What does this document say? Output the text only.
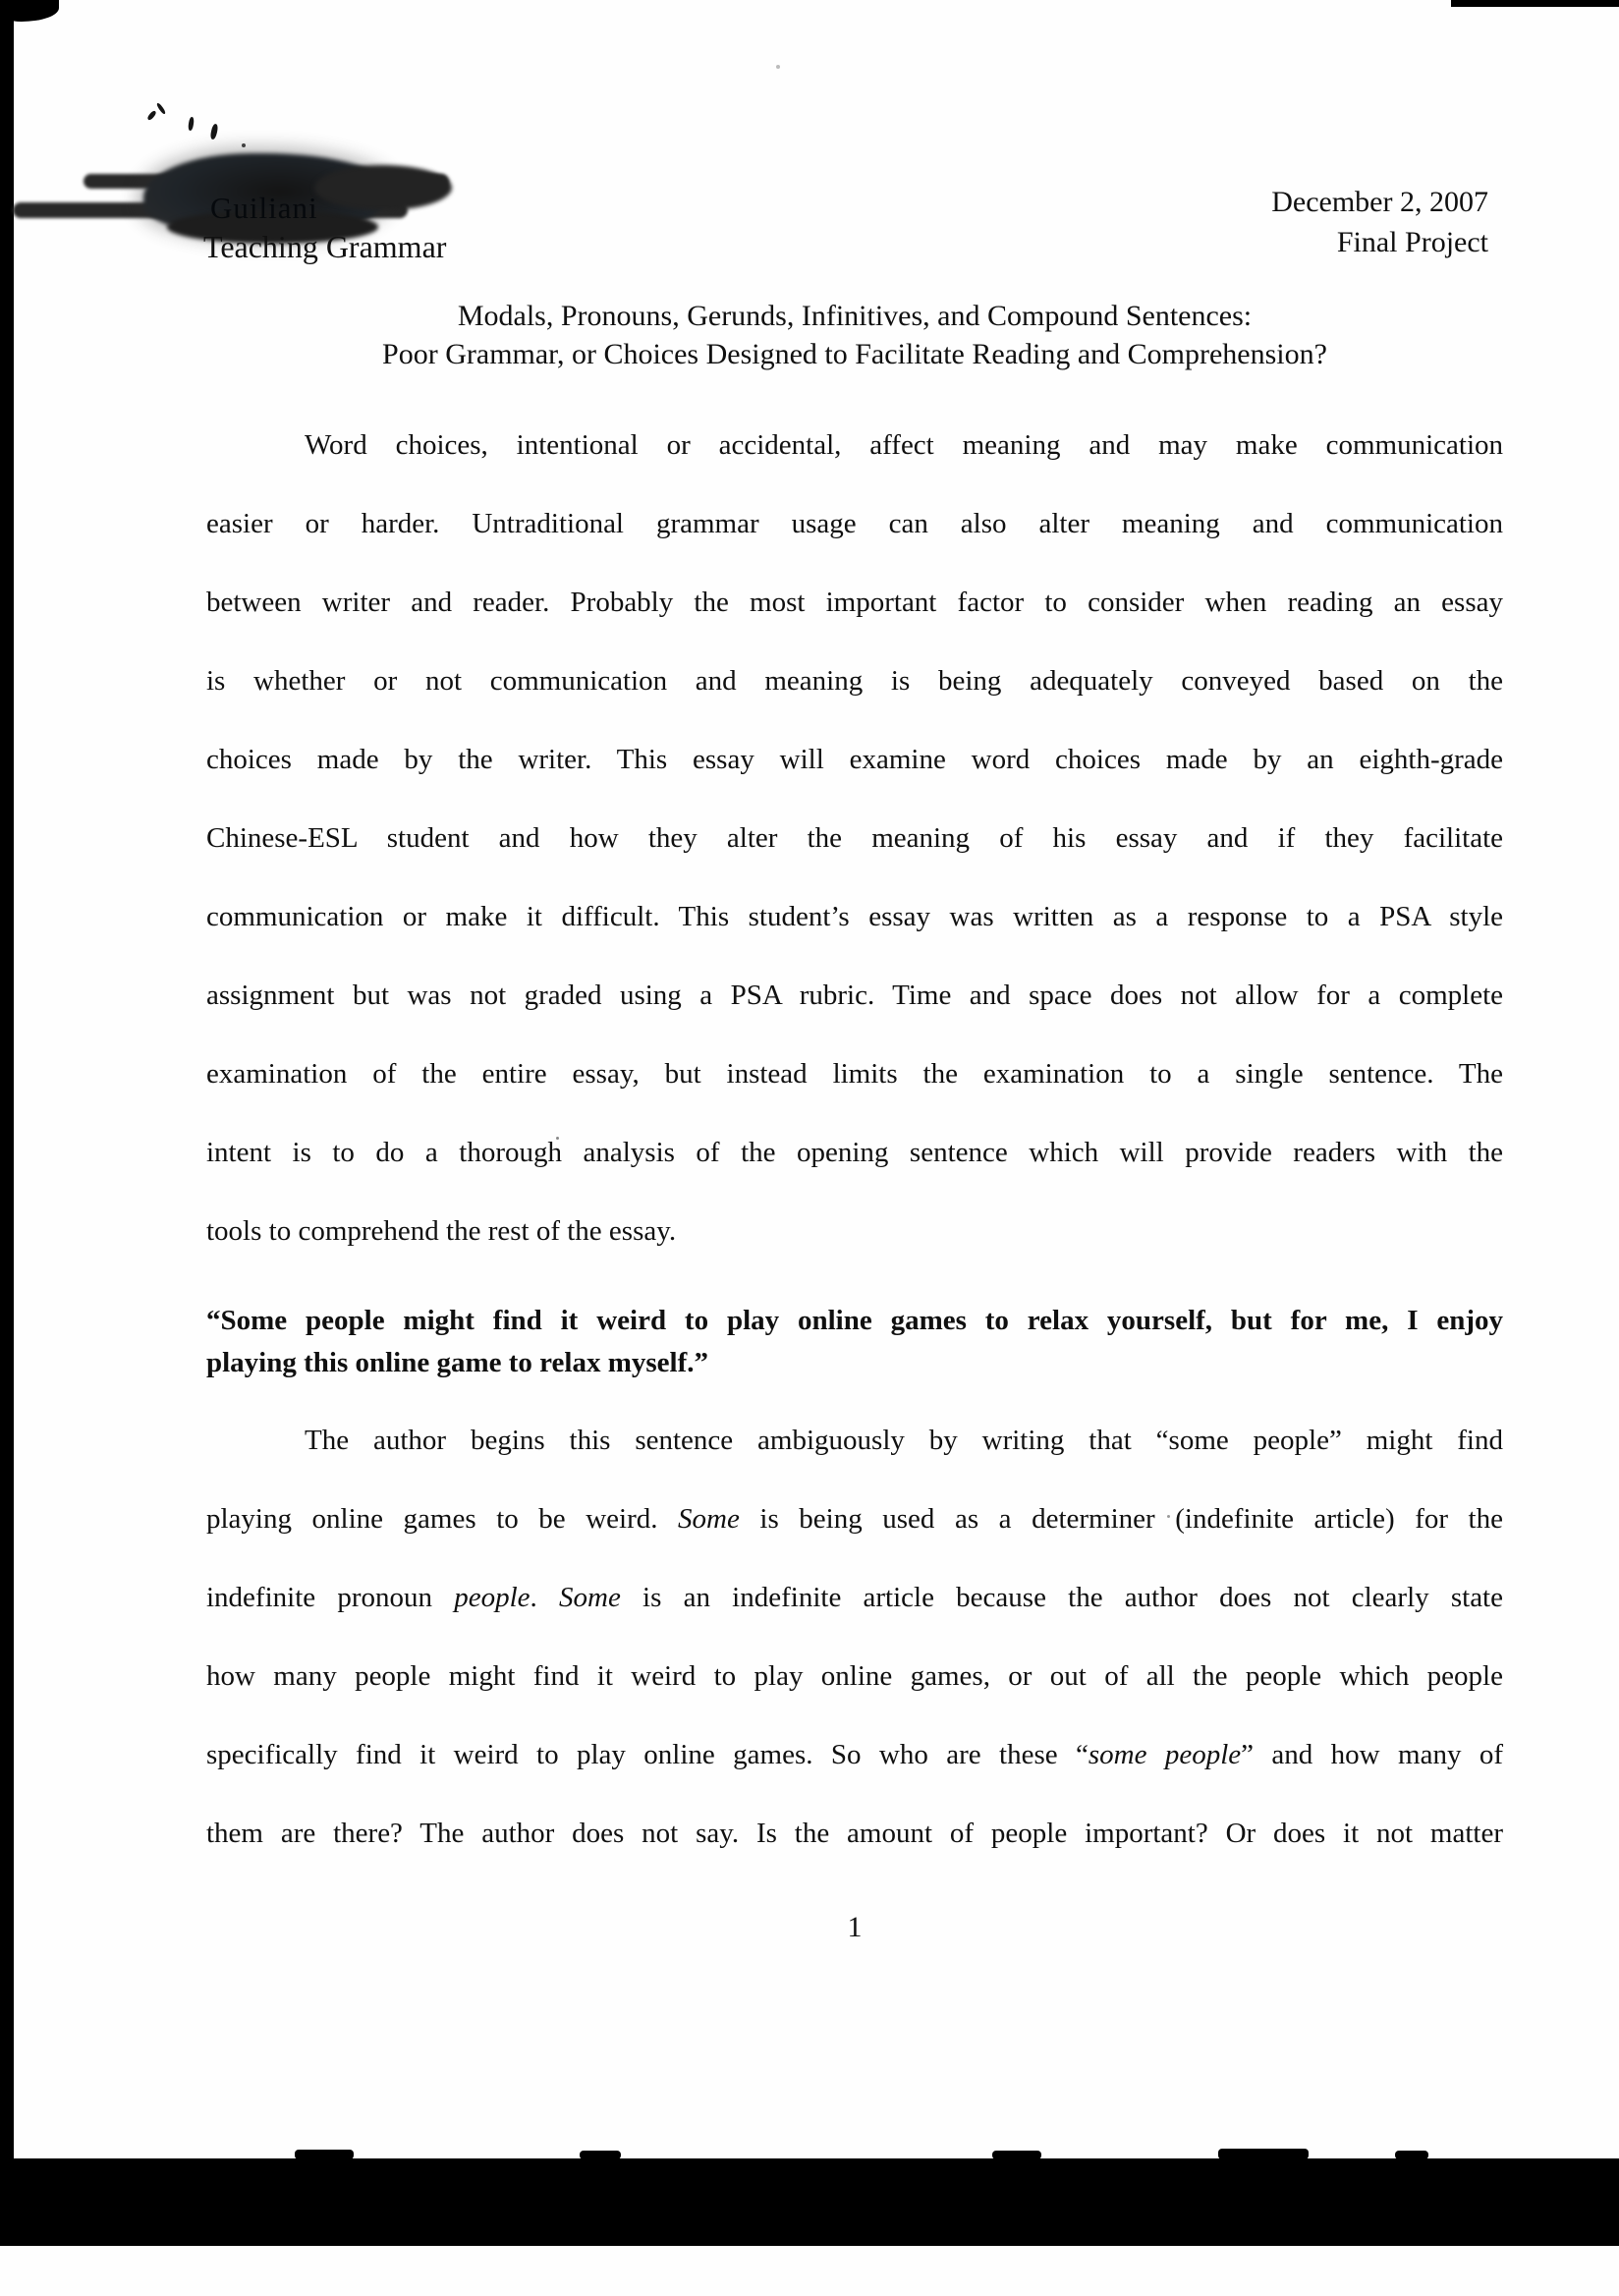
Guiliani
Teaching Grammar
December 2, 2007
Final Project
Modals, Pronouns, Gerunds, Infinitives, and Compound Sentences:
Poor Grammar, or Choices Designed to Facilitate Reading and Comprehension?
Word choices, intentional or accidental, affect meaning and may make communication
easier or harder. Untraditional grammar usage can also alter meaning and communication
between writer and reader. Probably the most important factor to consider when reading an essay
is whether or not communication and meaning is being adequately conveyed based on the
choices made by the writer. This essay will examine word choices made by an eighth-grade
Chinese-ESL student and how they alter the meaning of his essay and if they facilitate
communication or make it difficult. This student’s essay was written as a response to a PSA style
assignment but was not graded using a PSA rubric. Time and space does not allow for a complete
examination of the entire essay, but instead limits the examination to a single sentence. The
intent is to do a thorough analysis of the opening sentence which will provide readers with the
tools to comprehend the rest of the essay.
“Some people might find it weird to play online games to relax yourself, but for me, I enjoy
playing this online game to relax myself.”
The author begins this sentence ambiguously by writing that “some people” might find
playing online games to be weird. Some is being used as a determiner (indefinite article) for the
indefinite pronoun people. Some is an indefinite article because the author does not clearly state
how many people might find it weird to play online games, or out of all the people which people
specifically find it weird to play online games. So who are these “some people” and how many of
them are there? The author does not say. Is the amount of people important? Or does it not matter
1
